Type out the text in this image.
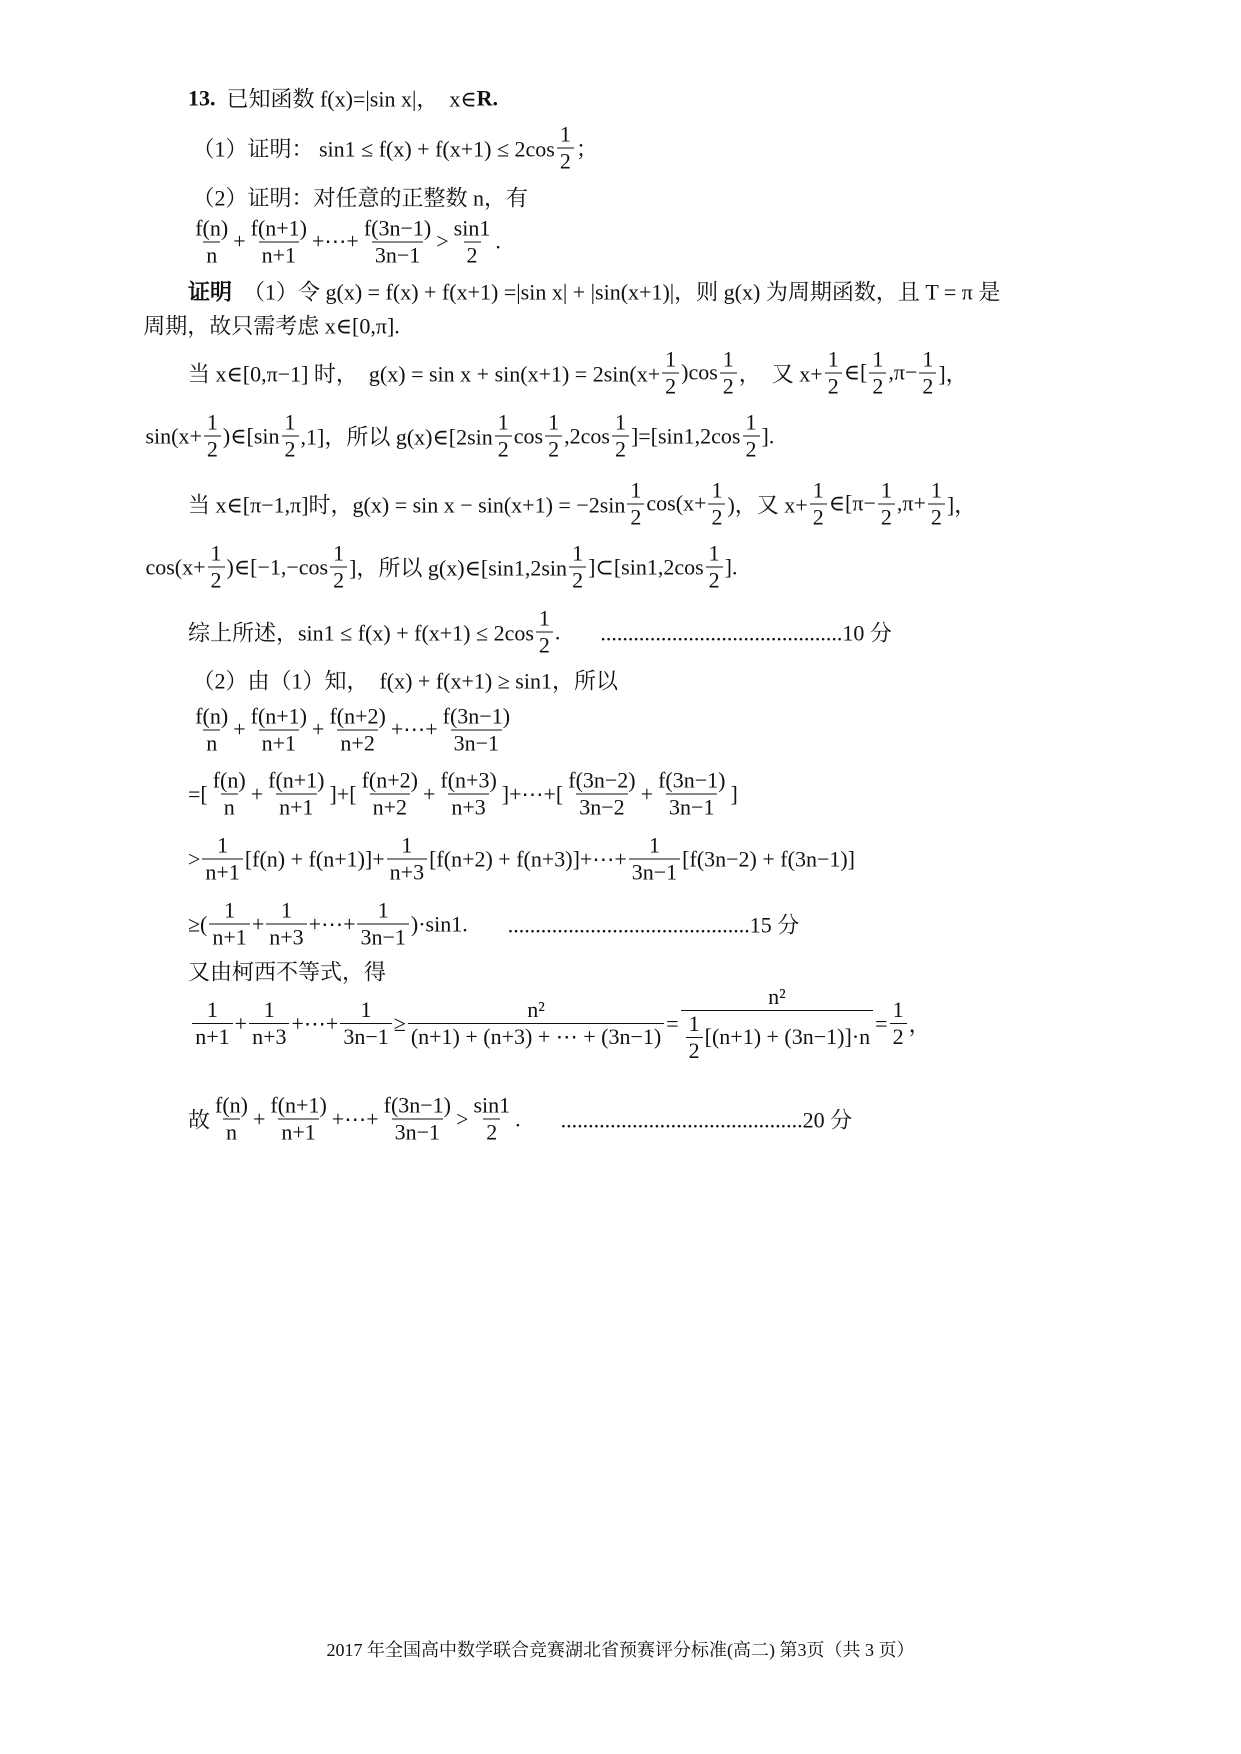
13. 已知函数 f(x)=|sin x|，  x∈ R.
（1）证明： $\sin 1 \le f(x) + f(x+1) \le 2\cos \frac{1}{2}$ ；
（2）证明：对任意的正整数 n，有
$\frac{f(n)}{n} + \frac{f(n+1)}{n+1}$ +⋯+ $\frac{f(3n-1)}{3n-1} > \frac{\sin 1}{2}$ .
证明 （1）令 g(x) = f(x) + f(x+1) =|sin x| + |sin(x+1)|，则 g(x) 为周期函数，且 T = π 是
周期，故只需考虑 x∈[0,π].
当 x∈[0,π−1] 时，  $g(x) = \sin x + \sin(x+1) = 2\sin(x+ \frac{1}{2} )\cos \frac{1}{2}$ ，  又 $x+ \frac{1}{2}$ ∈[ $\frac{1}{2} ,\pi- \frac{1}{2}$ ]，
$\sin(x+ \frac{1}{2}$ )∈[sin $\frac{1}{2} ,1$]，所以 g(x)∈[2sin $\frac{1}{2}$ $\cos \frac{1}{2} ,2\cos \frac{1}{2} ]=[\sin 1,2\cos \frac{1}{2}$ ].
当 x∈[π−1,π]时，$g(x) = \sin x - \sin(x+1) = -2\sin \frac{1}{2} \cos(x+ \frac{1}{2}$ )，又 $x+ \frac{1}{2}$ ∈[π− $\frac{1}{2} ,\pi+ \frac{1}{2}$ ]，
$\cos(x+ \frac{1}{2}$ )∈[−1,−cos $\frac{1}{2}$ ]，所以 g(x)∈[sin1,2sin $\frac{1}{2}$ ]⊂[sin1,2cos $\frac{1}{2}$ ].
综上所述，$\sin 1 \le f(x) + f(x+1) \le 2\cos \frac{1}{2}$ . ............................................10 分
（2）由（1）知，  f(x) + f(x+1) ≥ sin1，所以
$\frac{f(n)}{n} + \frac{f(n+1)}{n+1} + \frac{f(n+2)}{n+2}$ +⋯+ $\frac{f(3n-1)}{3n-1}$
=[ $\frac{f(n)}{n} + \frac{f(n+1)}{n+1}$ ]+[ $\frac{f(n+2)}{n+2} + \frac{f(n+3)}{n+3}$ ]+⋯+[ $\frac{f(3n-2)}{3n-2} + \frac{f(3n-1)}{3n-1}$ ]
> $\frac{1}{n+1} [f(n) + f(n+1)]+ \frac{1}{n+3} [f(n+2)$ + f(n+3)]+⋯+ $\frac{1}{3n-1} [f(3n-2) + f(3n-1)]$
≥( $\frac{1}{n+1} + \frac{1}{n+3}$ +⋯+ $\frac{1}{3n-1} )\cdot\sin 1$. ............................................15 分
又由柯西不等式，得
$\frac{1}{n+1} + \frac{1}{n+3}$ +⋯+ $\frac{1}{3n-1} \ge \frac{\text{n²}}{(n+1) + (n+3) + \cdots + (3n-1)} = \frac{\text{n²}}{\frac{1}{2} [(n+1) + (3n-1)]\cdot n} = \frac{1}{2}$ ，
故 $\frac{f(n)}{n} + \frac{f(n+1)}{n+1}$ +⋯+ $\frac{f(3n-1)}{3n-1} > \frac{\sin 1}{2}$ . ............................................20 分
2017 年全国高中数学联合竞赛湖北省预赛评分标准(高二) 第3页（共 3 页）
